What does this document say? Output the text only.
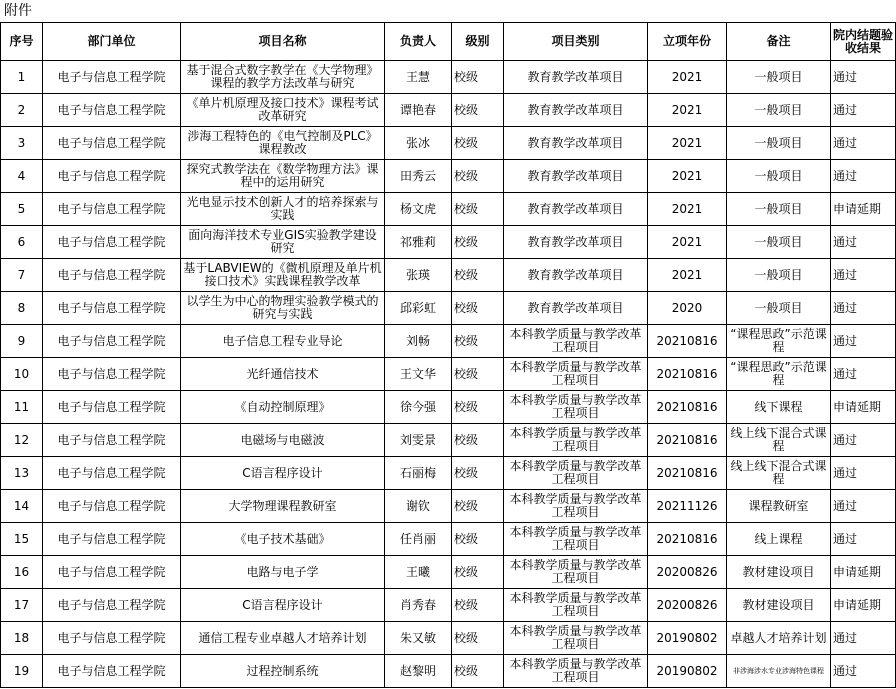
附件
序号	部门单位	项目名称	负责人	级别	项目类别	立项年份	备注	院内结题验收结果
1	电子与信息工程学院	基于混合式数字教学在《大学物理》课程的教学方法改革与研究	王慧	校级	教育教学改革项目	2021	一般项目	通过
2	电子与信息工程学院	《单片机原理及接口技术》课程考试改革研究	谭艳春	校级	教育教学改革项目	2021	一般项目	通过
3	电子与信息工程学院	涉海工程特色的《电气控制及PLC》课程教改	张冰	校级	教育教学改革项目	2021	一般项目	通过
4	电子与信息工程学院	探究式教学法在《数学物理方法》课程中的运用研究	田秀云	校级	教育教学改革项目	2021	一般项目	通过
5	电子与信息工程学院	光电显示技术创新人才的培养探索与实践	杨文虎	校级	教育教学改革项目	2021	一般项目	申请延期
6	电子与信息工程学院	面向海洋技术专业GIS实验教学建设研究	祁雅莉	校级	教育教学改革项目	2021	一般项目	通过
7	电子与信息工程学院	基于LABVIEW的《微机原理及单片机接口技术》实践课程教学改革	张瑛	校级	教育教学改革项目	2021	一般项目	通过
8	电子与信息工程学院	以学生为中心的物理实验教学模式的研究与实践	邱彩虹	校级	教育教学改革项目	2020	一般项目	通过
9	电子与信息工程学院	电子信息工程专业导论	刘畅	校级	本科教学质量与教学改革工程项目	20210816	“课程思政”示范课程	通过
10	电子与信息工程学院	光纤通信技术	王文华	校级	本科教学质量与教学改革工程项目	20210816	“课程思政”示范课程	通过
11	电子与信息工程学院	《自动控制原理》	徐今强	校级	本科教学质量与教学改革工程项目	20210816	线下课程	申请延期
12	电子与信息工程学院	电磁场与电磁波	刘雯景	校级	本科教学质量与教学改革工程项目	20210816	线上线下混合式课程	通过
13	电子与信息工程学院	C语言程序设计	石丽梅	校级	本科教学质量与教学改革工程项目	20210816	线上线下混合式课程	通过
14	电子与信息工程学院	大学物理课程教研室	谢钦	校级	本科教学质量与教学改革工程项目	20211126	课程教研室	通过
15	电子与信息工程学院	《电子技术基础》	任肖丽	校级	本科教学质量与教学改革工程项目	20210816	线上课程	通过
16	电子与信息工程学院	电路与电子学	王曦	校级	本科教学质量与教学改革工程项目	20200826	教材建设项目	申请延期
17	电子与信息工程学院	C语言程序设计	肖秀春	校级	本科教学质量与教学改革工程项目	20200826	教材建设项目	申请延期
18	电子与信息工程学院	通信工程专业卓越人才培养计划	朱又敏	校级	本科教学质量与教学改革工程项目	20190802	卓越人才培养计划	通过
19	电子与信息工程学院	过程控制系统	赵黎明	校级	本科教学质量与教学改革工程项目	20190802	非涉海涉水专业涉海特色课程	通过
